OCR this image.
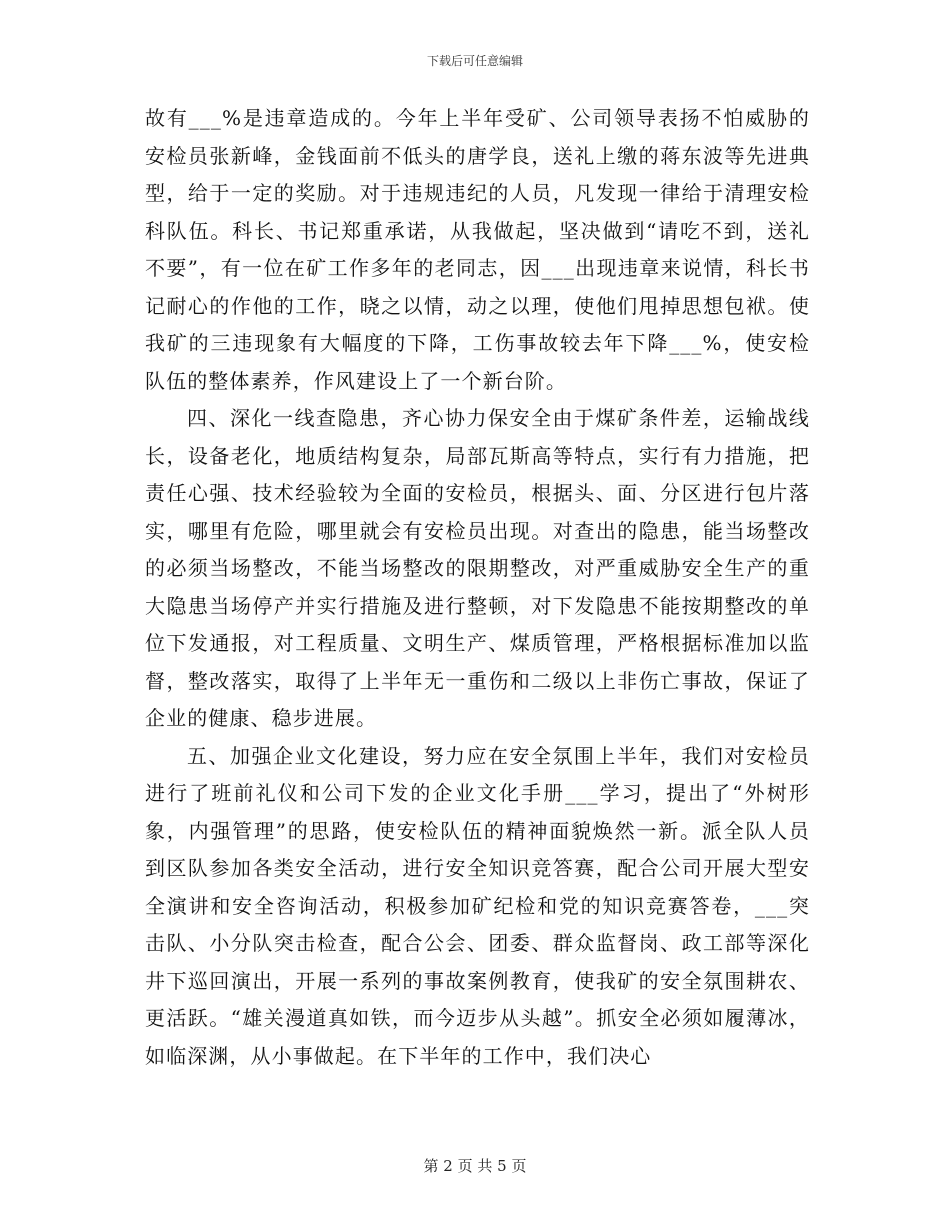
下载后可任意编辑

故有___%是违章造成的。今年上半年受矿、公司领导表扬不怕威胁的安检员张新峰，金钱面前不低头的唐学良，送礼上缴的蒋东波等先进典型，给于一定的奖励。对于违规违纪的人员，凡发现一律给于清理安检科队伍。科长、书记郑重承诺，从我做起，坚决做到“请吃不到，送礼不要”，有一位在矿工作多年的老同志，因___出现违章来说情，科长书记耐心的作他的工作，晓之以情，动之以理，使他们甩掉思想包袱。使我矿的三违现象有大幅度的下降，工伤事故较去年下降___%，使安检队伍的整体素养，作风建设上了一个新台阶。

四、深化一线查隐患，齐心协力保安全由于煤矿条件差，运输战线长，设备老化，地质结构复杂，局部瓦斯高等特点，实行有力措施，把责任心强、技术经验较为全面的安检员，根据头、面、分区进行包片落实，哪里有危险，哪里就会有安检员出现。对查出的隐患，能当场整改的必须当场整改，不能当场整改的限期整改，对严重威胁安全生产的重大隐患当场停产并实行措施及进行整顿，对下发隐患不能按期整改的单位下发通报，对工程质量、文明生产、煤质管理，严格根据标准加以监督，整改落实，取得了上半年无一重伤和二级以上非伤亡事故，保证了企业的健康、稳步进展。

五、加强企业文化建设，努力应在安全氛围上半年，我们对安检员进行了班前礼仪和公司下发的企业文化手册___学习，提出了“外树形象，内强管理”的思路，使安检队伍的精神面貌焕然一新。派全队人员到区队参加各类安全活动，进行安全知识竞答赛，配合公司开展大型安全演讲和安全咨询活动，积极参加矿纪检和党的知识竞赛答卷，___突击队、小分队突击检查，配合公会、团委、群众监督岗、政工部等深化井下巡回演出，开展一系列的事故案例教育，使我矿的安全氛围耕农、更活跃。“雄关漫道真如铁，而今迈步从头越”。抓安全必须如履薄冰，如临深渊，从小事做起。在下半年的工作中，我们决心

第 2 页 共 5 页
